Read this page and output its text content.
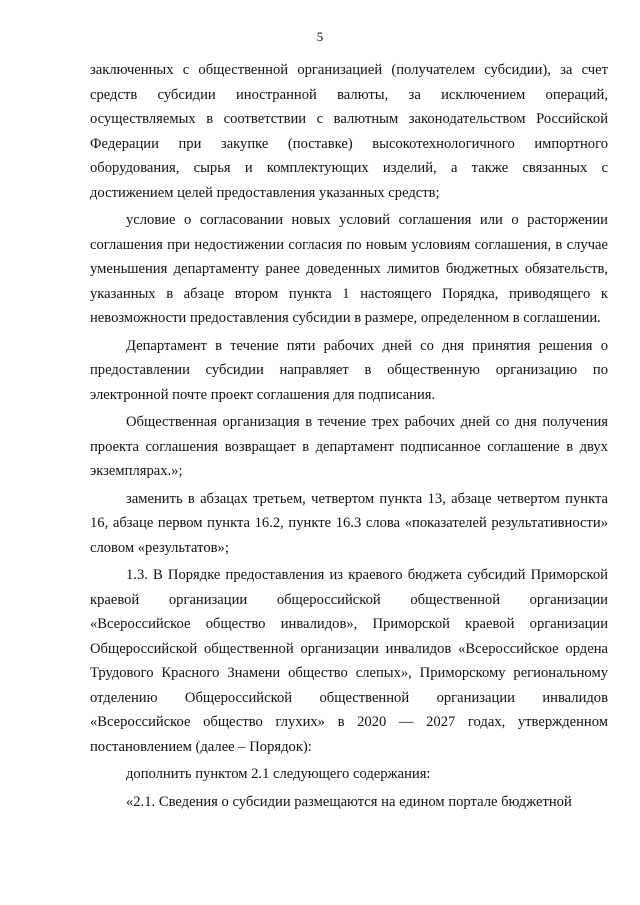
5

заключенных с общественной организацией (получателем субсидии), за счет средств субсидии иностранной валюты, за исключением операций, осуществляемых в соответствии с валютным законодательством Российской Федерации при закупке (поставке) высокотехнологичного импортного оборудования, сырья и комплектующих изделий, а также связанных с достижением целей предоставления указанных средств;

условие о согласовании новых условий соглашения или о расторжении соглашения при недостижении согласия по новым условиям соглашения, в случае уменьшения департаменту ранее доведенных лимитов бюджетных обязательств, указанных в абзаце втором пункта 1 настоящего Порядка, приводящего к невозможности предоставления субсидии в размере, определенном в соглашении.

Департамент в течение пяти рабочих дней со дня принятия решения о предоставлении субсидии направляет в общественную организацию по электронной почте проект соглашения для подписания.

Общественная организация в течение трех рабочих дней со дня получения проекта соглашения возвращает в департамент подписанное соглашение в двух экземплярах.»;

заменить в абзацах третьем, четвертом пункта 13, абзаце четвертом пункта 16, абзаце первом пункта 16.2, пункте 16.3 слова «показателей результативности» словом «результатов»;

1.3. В Порядке предоставления из краевого бюджета субсидий Приморской краевой организации общероссийской общественной организации «Всероссийское общество инвалидов», Приморской краевой организации Общероссийской общественной организации инвалидов «Всероссийское ордена Трудового Красного Знамени общество слепых», Приморскому региональному отделению Общероссийской общественной организации инвалидов «Всероссийское общество глухих» в 2020 — 2027 годах, утвержденном постановлением (далее – Порядок):

дополнить пунктом 2.1 следующего содержания:

«2.1. Сведения о субсидии размещаются на едином портале бюджетной
